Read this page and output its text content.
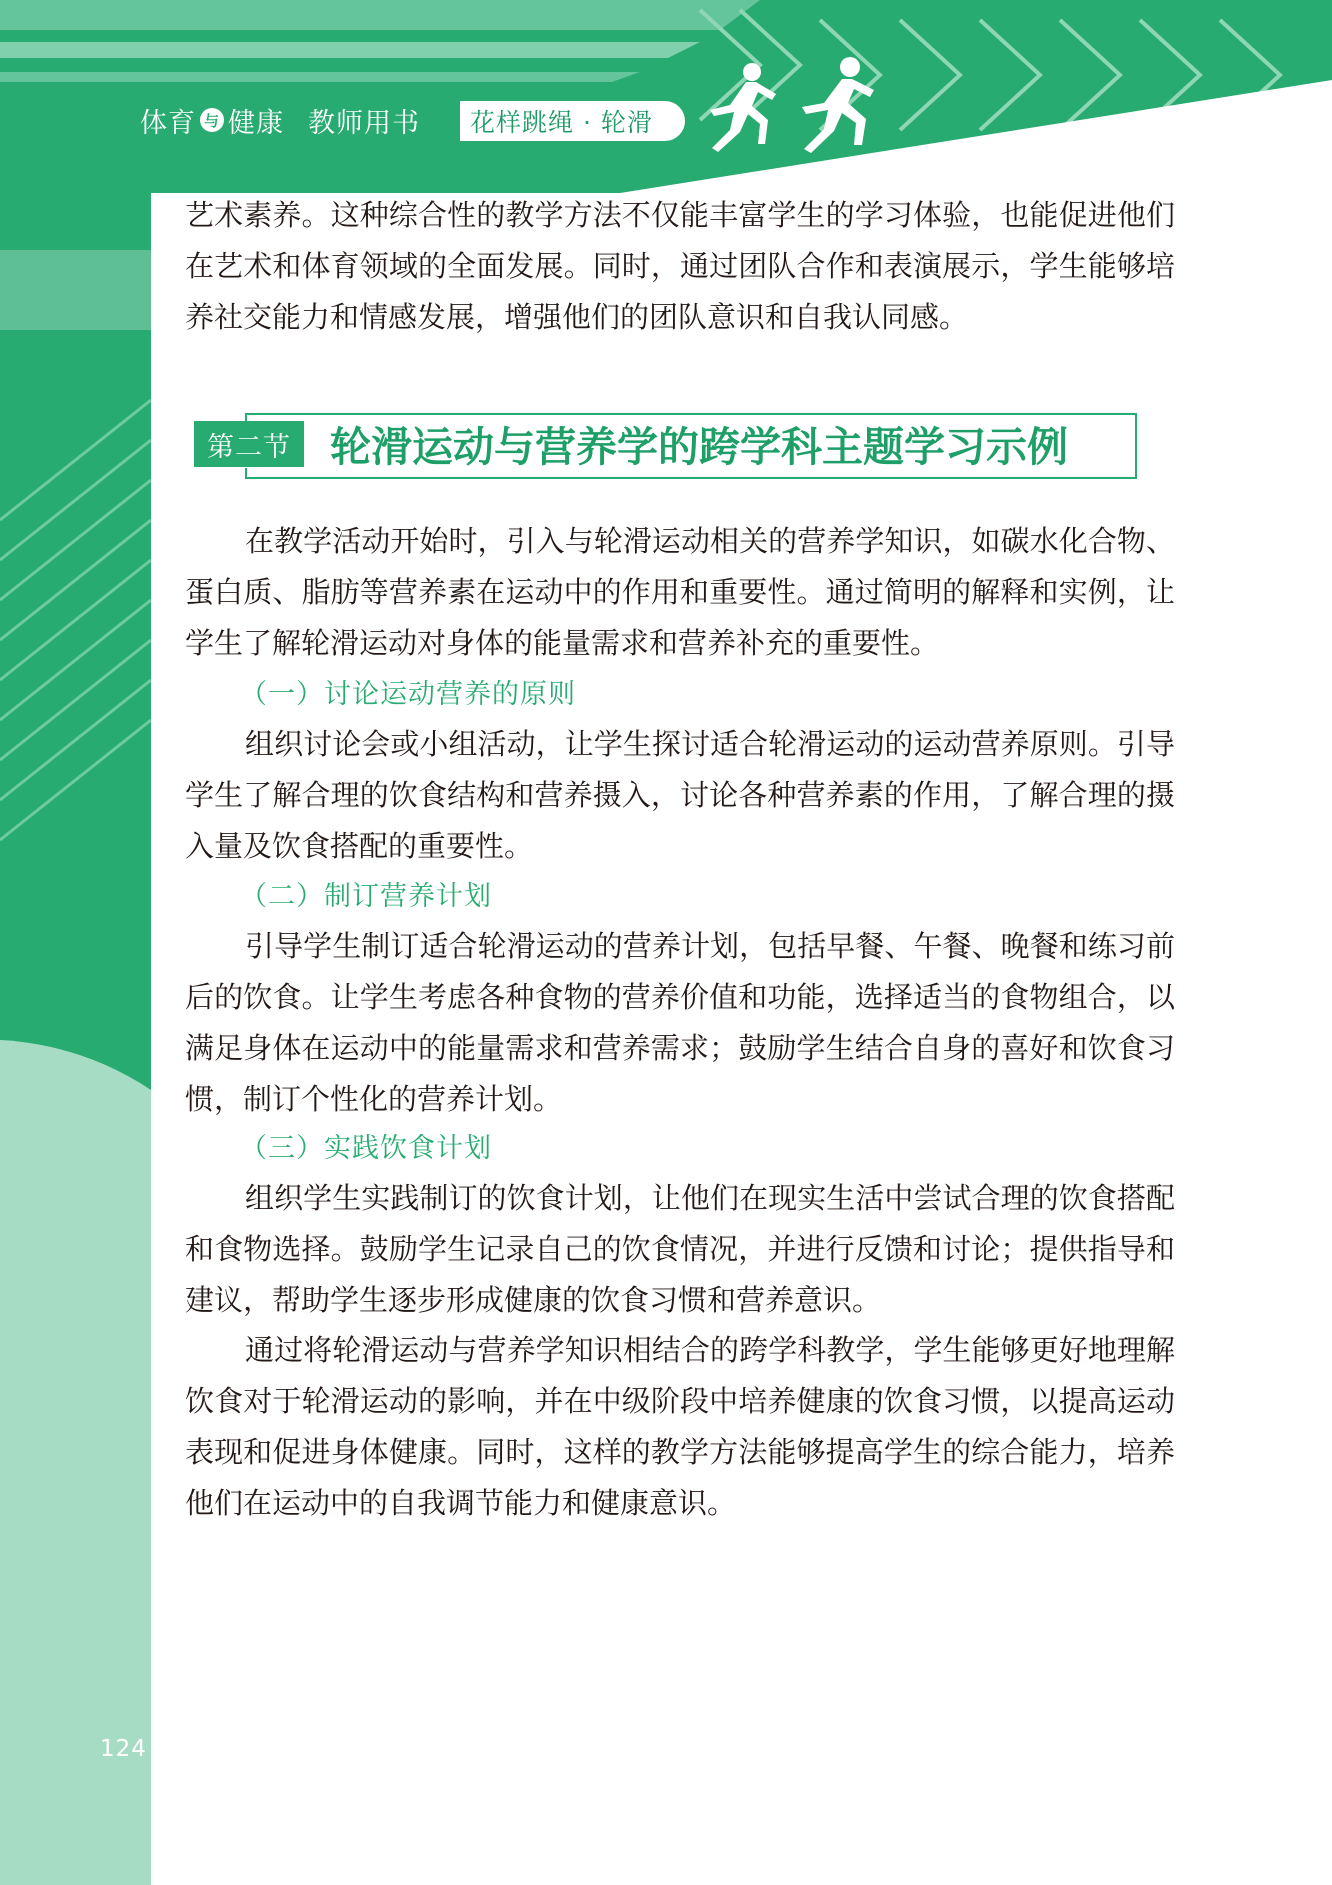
体育 与 健康 教师用书	花样跳绳 · 轮滑

艺术素养。这种综合性的教学方法不仅能丰富学生的学习体验，也能促进他们在艺术和体育领域的全面发展。同时，通过团队合作和表演展示，学生能够培养社交能力和情感发展，增强他们的团队意识和自我认同感。

第二节 轮滑运动与营养学的跨学科主题学习示例

在教学活动开始时，引入与轮滑运动相关的营养学知识，如碳水化合物、蛋白质、脂肪等营养素在运动中的作用和重要性。通过简明的解释和实例，让学生了解轮滑运动对身体的能量需求和营养补充的重要性。

（一）讨论运动营养的原则

组织讨论会或小组活动，让学生探讨适合轮滑运动的运动营养原则。引导学生了解合理的饮食结构和营养摄入，讨论各种营养素的作用，了解合理的摄入量及饮食搭配的重要性。

（二）制订营养计划

引导学生制订适合轮滑运动的营养计划，包括早餐、午餐、晚餐和练习前后的饮食。让学生考虑各种食物的营养价值和功能，选择适当的食物组合，以满足身体在运动中的能量需求和营养需求；鼓励学生结合自身的喜好和饮食习惯，制订个性化的营养计划。

（三）实践饮食计划

组织学生实践制订的饮食计划，让他们在现实生活中尝试合理的饮食搭配和食物选择。鼓励学生记录自己的饮食情况，并进行反馈和讨论；提供指导和建议，帮助学生逐步形成健康的饮食习惯和营养意识。

通过将轮滑运动与营养学知识相结合的跨学科教学，学生能够更好地理解饮食对于轮滑运动的影响，并在中级阶段中培养健康的饮食习惯，以提高运动表现和促进身体健康。同时，这样的教学方法能够提高学生的综合能力，培养他们在运动中的自我调节能力和健康意识。

124
